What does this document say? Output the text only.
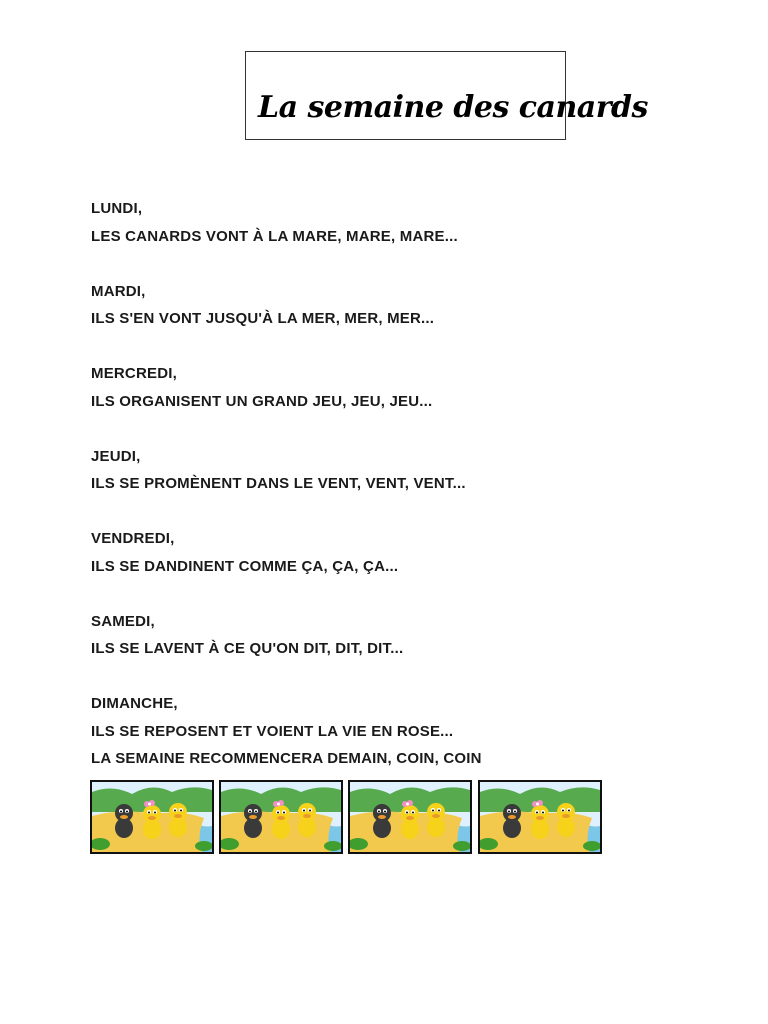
La semaine des canards
LUNDI,
LES CANARDS VONT À LA MARE, MARE, MARE...
MARDI,
ILS S'EN VONT JUSQU'À LA MER, MER, MER...
MERCREDI,
ILS ORGANISENT UN GRAND JEU, JEU, JEU...
JEUDI,
ILS SE PROMÈNENT DANS LE VENT, VENT, VENT...
VENDREDI,
ILS SE DANDINENT COMME ÇA, ÇA, ÇA...
SAMEDI,
ILS SE LAVENT À CE QU'ON DIT, DIT, DIT...
DIMANCHE,
ILS SE REPOSENT ET VOIENT LA VIE EN ROSE...
LA SEMAINE RECOMMENCERA DEMAIN, COIN, COIN
